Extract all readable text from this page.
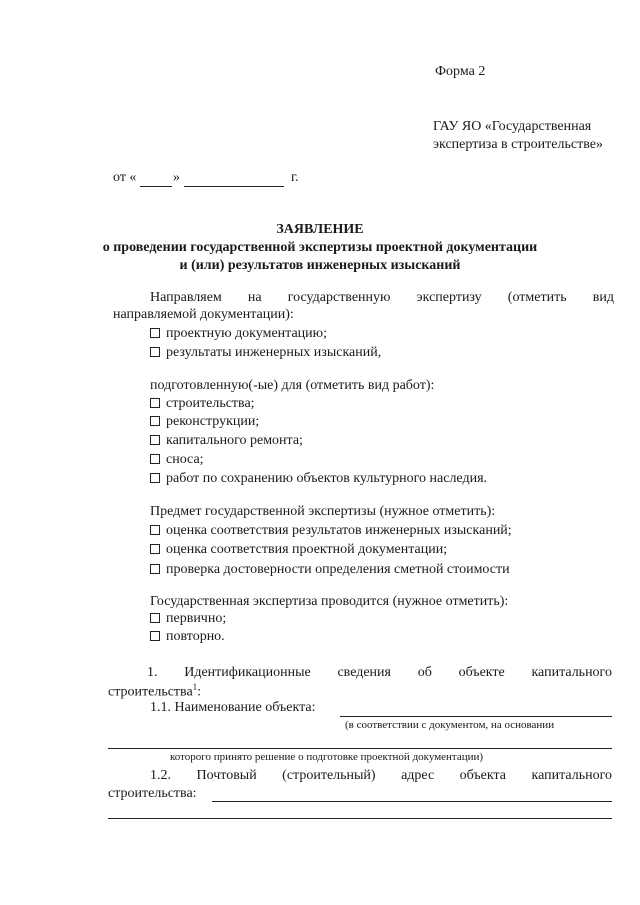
Форма 2
ГАУ ЯО «Государственная
экспертиза в строительстве»
от «	»	г.
ЗАЯВЛЕНИЕ
о проведении государственной экспертизы проектной документации
и (или) результатов инженерных изысканий
Направляем на государственную экспертизу (отметить вид
направляемой документации):
проектную документацию;
результаты инженерных изысканий,
подготовленную(-ые) для (отметить вид работ):
строительства;
реконструкции;
капитального ремонта;
сноса;
работ по сохранению объектов культурного наследия.
Предмет государственной экспертизы (нужное отметить):
оценка соответствия результатов инженерных изысканий;
оценка соответствия проектной документации;
проверка достоверности определения сметной стоимости
Государственная экспертиза проводится (нужное отметить):
первично;
повторно.
1. Идентификационные сведения об объекте капитального
строительства$^1$:
1.1. Наименование объекта:
(в соответствии с документом, на основании
которого принято решение о подготовке проектной документации)
1.2. Почтовый (строительный) адрес объекта капитального
строительства:
